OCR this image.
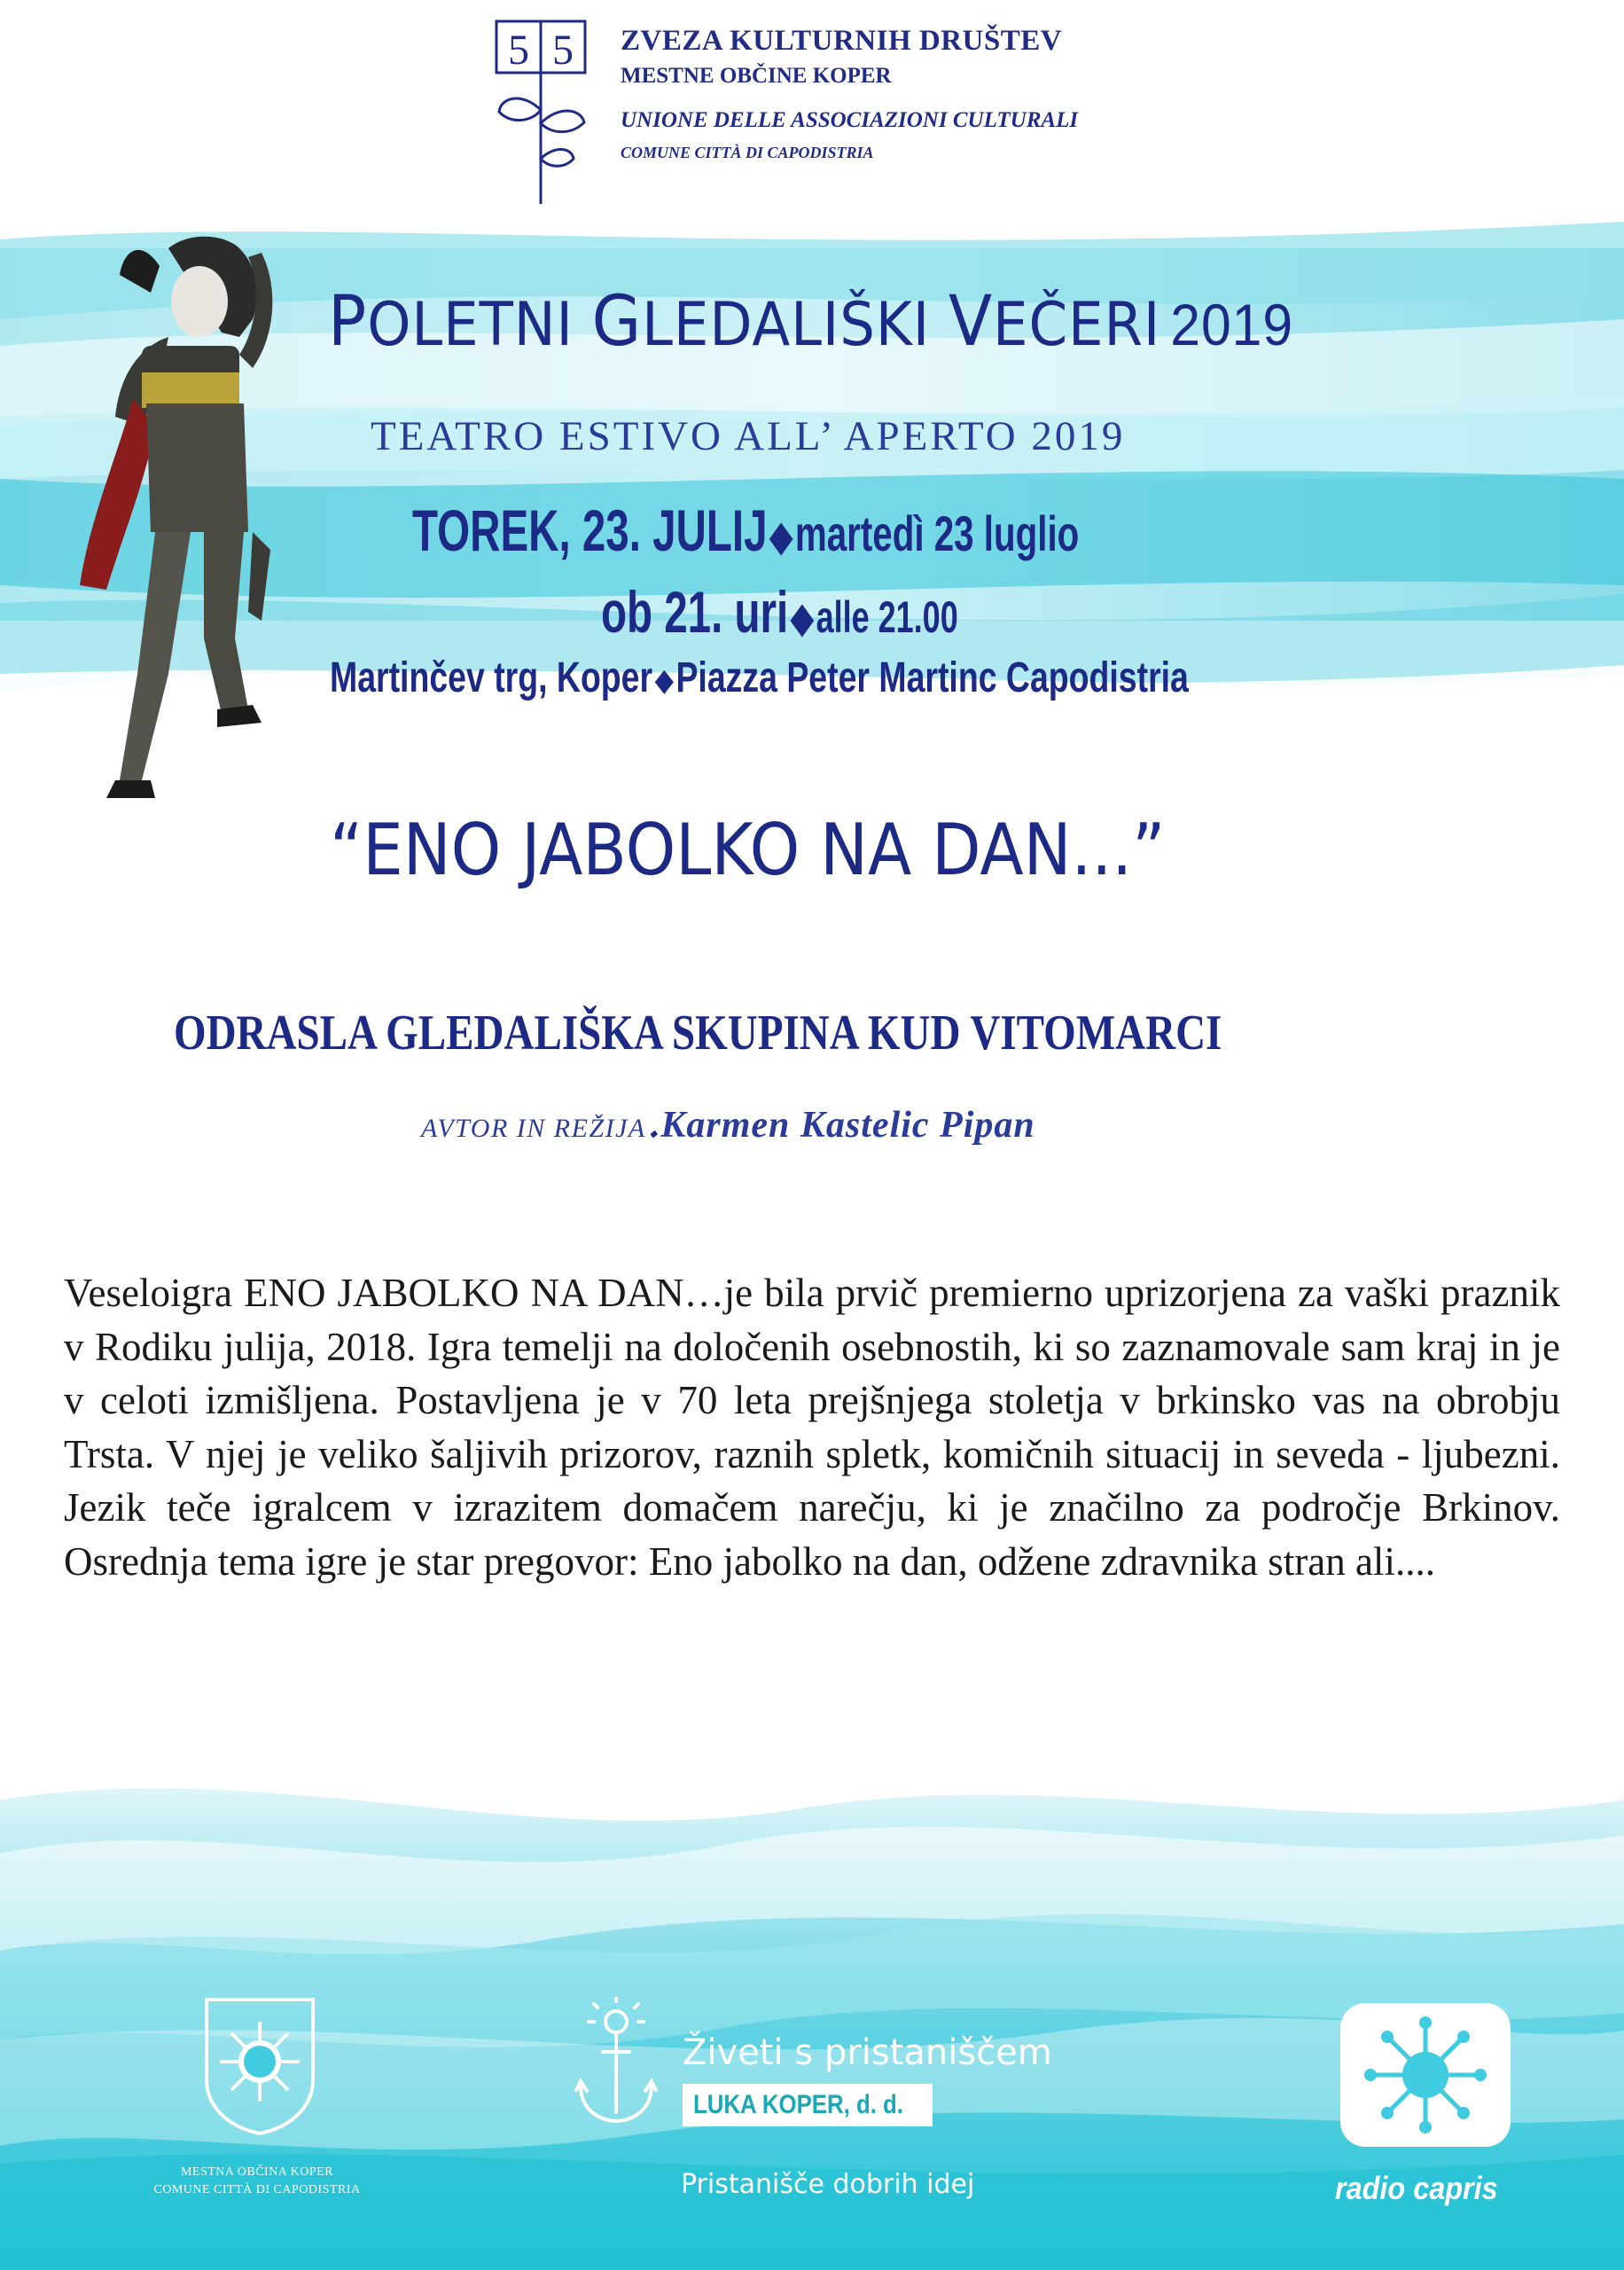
5 5 ZVEZA KULTURNIH DRUŠTEV
MESTNE OBČINE KOPER
UNIONE DELLE ASSOCIAZIONI CULTURALI
COMUNE CITTÀ DI CAPODISTRIA
POLETNI GLEDALIŠKI VEČERI 2019
TEATRO ESTIVO ALL’ APERTO 2019
TOREK, 23. JULIJ◆martedì 23 luglio
ob 21. uri◆alle 21.00
Martinčev trg, Koper◆Piazza Peter Martinc Capodistria
“ENO JABOLKO NA DAN...”
ODRASLA GLEDALIŠKA SKUPINA KUD VITOMARCI
AVTOR IN REŽIJA ◆Karmen Kastelic Pipan

Veseloigra ENO JABOLKO NA DAN…je bila prvič premierno uprizorjena za vaški praznik v Rodiku julija, 2018. Igra temelji na določenih osebnostih, ki so zaznamovale sam kraj in je v celoti izmišljena. Postavljena je v 70 leta prejšnjega stoletja v brkinsko vas na obrobju Trsta. V njej je veliko šaljivih prizorov, raznih spletk, komičnih situacij in seveda - ljubezni. Jezik teče igralcem v izrazitem domačem narečju, ki je značilno za področje Brkinov. Osrednja tema igre je star pregovor: Eno jabolko na dan, odžene zdravnika stran ali....

MESTNA OBČINA KOPER
COMUNE CITTÀ DI CAPODISTRIA
Živeti s pristaniščem
LUKA KOPER, d. d.
Pristanišče dobrih idej	radio capris
